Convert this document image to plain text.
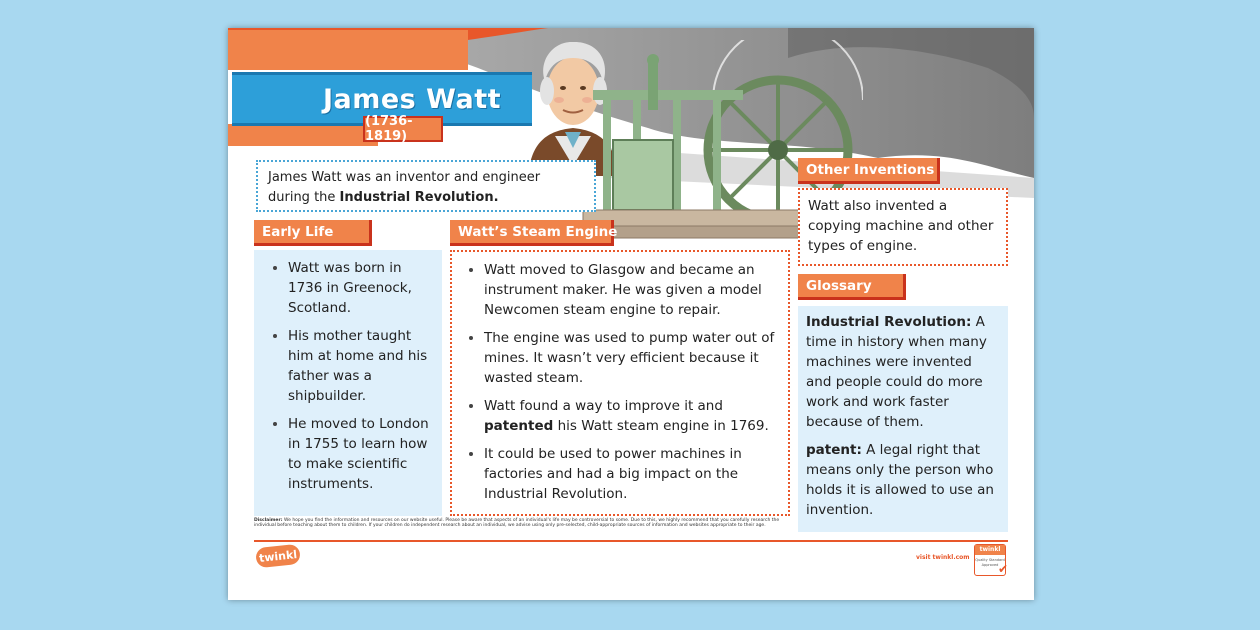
James Watt
(1736-1819)
James Watt was an inventor and engineer during the Industrial Revolution.
Early Life
• Watt was born in 1736 in Greenock, Scotland.
• His mother taught him at home and his father was a shipbuilder.
• He moved to London in 1755 to learn how to make scientific instruments.
Watt’s Steam Engine
• Watt moved to Glasgow and became an instrument maker. He was given a model Newcomen steam engine to repair.
• The engine was used to pump water out of mines. It wasn’t very efficient because it wasted steam.
• Watt found a way to improve it and patented his Watt steam engine in 1769.
• It could be used to power machines in factories and had a big impact on the Industrial Revolution.
Other Inventions
Watt also invented a copying machine and other types of engine.
Glossary

Industrial Revolution: A time in history when many machines were invented and people could do more work and work faster because of them.

patent: A legal right that means only the person who holds it is allowed to use an invention.

Disclaimer: We hope you find the information and resources on our website useful. Please be aware that aspects of an individual's life may be controversial to some. Due to this, we highly recommend that you carefully research the individual before teaching about them to children. If your children do independent research about an individual, we advise using only pre-selected, child-appropriate sources of information and websites appropriate to their age.
twinkl	visit twinkl.com
twinkl
Quality Standard Approved ✔
